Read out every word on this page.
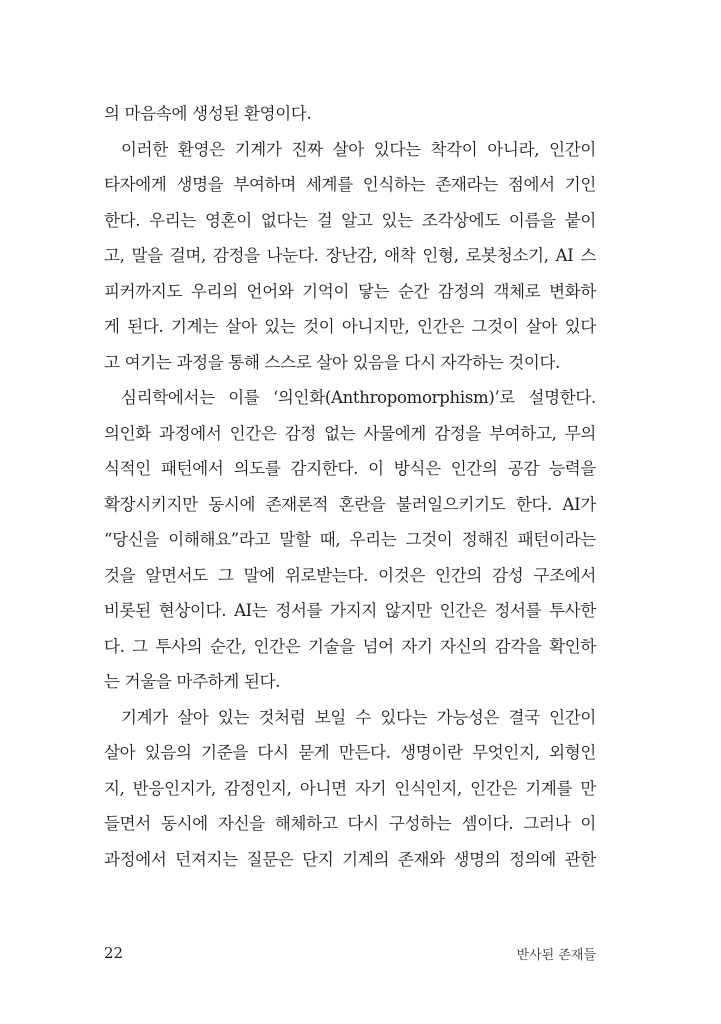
의 마음속에 생성된 환영이다.
이러한 환영은 기계가 진짜 살아 있다는 착각이 아니라, 인간이
타자에게 생명을 부여하며 세계를 인식하는 존재라는 점에서 기인
한다. 우리는 영혼이 없다는 걸 알고 있는 조각상에도 이름을 붙이
고, 말을 걸며, 감정을 나눈다. 장난감, 애착 인형, 로봇청소기, AI 스
피커까지도 우리의 언어와 기억이 닿는 순간 감정의 객체로 변화하
게 된다. 기계는 살아 있는 것이 아니지만, 인간은 그것이 살아 있다
고 여기는 과정을 통해 스스로 살아 있음을 다시 자각하는 것이다.
심리학에서는 이를 ‘의인화(Anthropomorphism)’로 설명한다.
의인화 과정에서 인간은 감정 없는 사물에게 감정을 부여하고, 무의
식적인 패턴에서 의도를 감지한다. 이 방식은 인간의 공감 능력을
확장시키지만 동시에 존재론적 혼란을 불러일으키기도 한다. AI가
“당신을 이해해요”라고 말할 때, 우리는 그것이 정해진 패턴이라는
것을 알면서도 그 말에 위로받는다. 이것은 인간의 감성 구조에서
비롯된 현상이다. AI는 정서를 가지지 않지만 인간은 정서를 투사한
다. 그 투사의 순간, 인간은 기술을 넘어 자기 자신의 감각을 확인하
는 거울을 마주하게 된다.
기계가 살아 있는 것처럼 보일 수 있다는 가능성은 결국 인간이
살아 있음의 기준을 다시 묻게 만든다. 생명이란 무엇인지, 외형인
지, 반응인지가, 감정인지, 아니면 자기 인식인지, 인간은 기계를 만
들면서 동시에 자신을 해체하고 다시 구성하는 셈이다. 그러나 이
과정에서 던져지는 질문은 단지 기계의 존재와 생명의 정의에 관한
22	반사된 존재들
